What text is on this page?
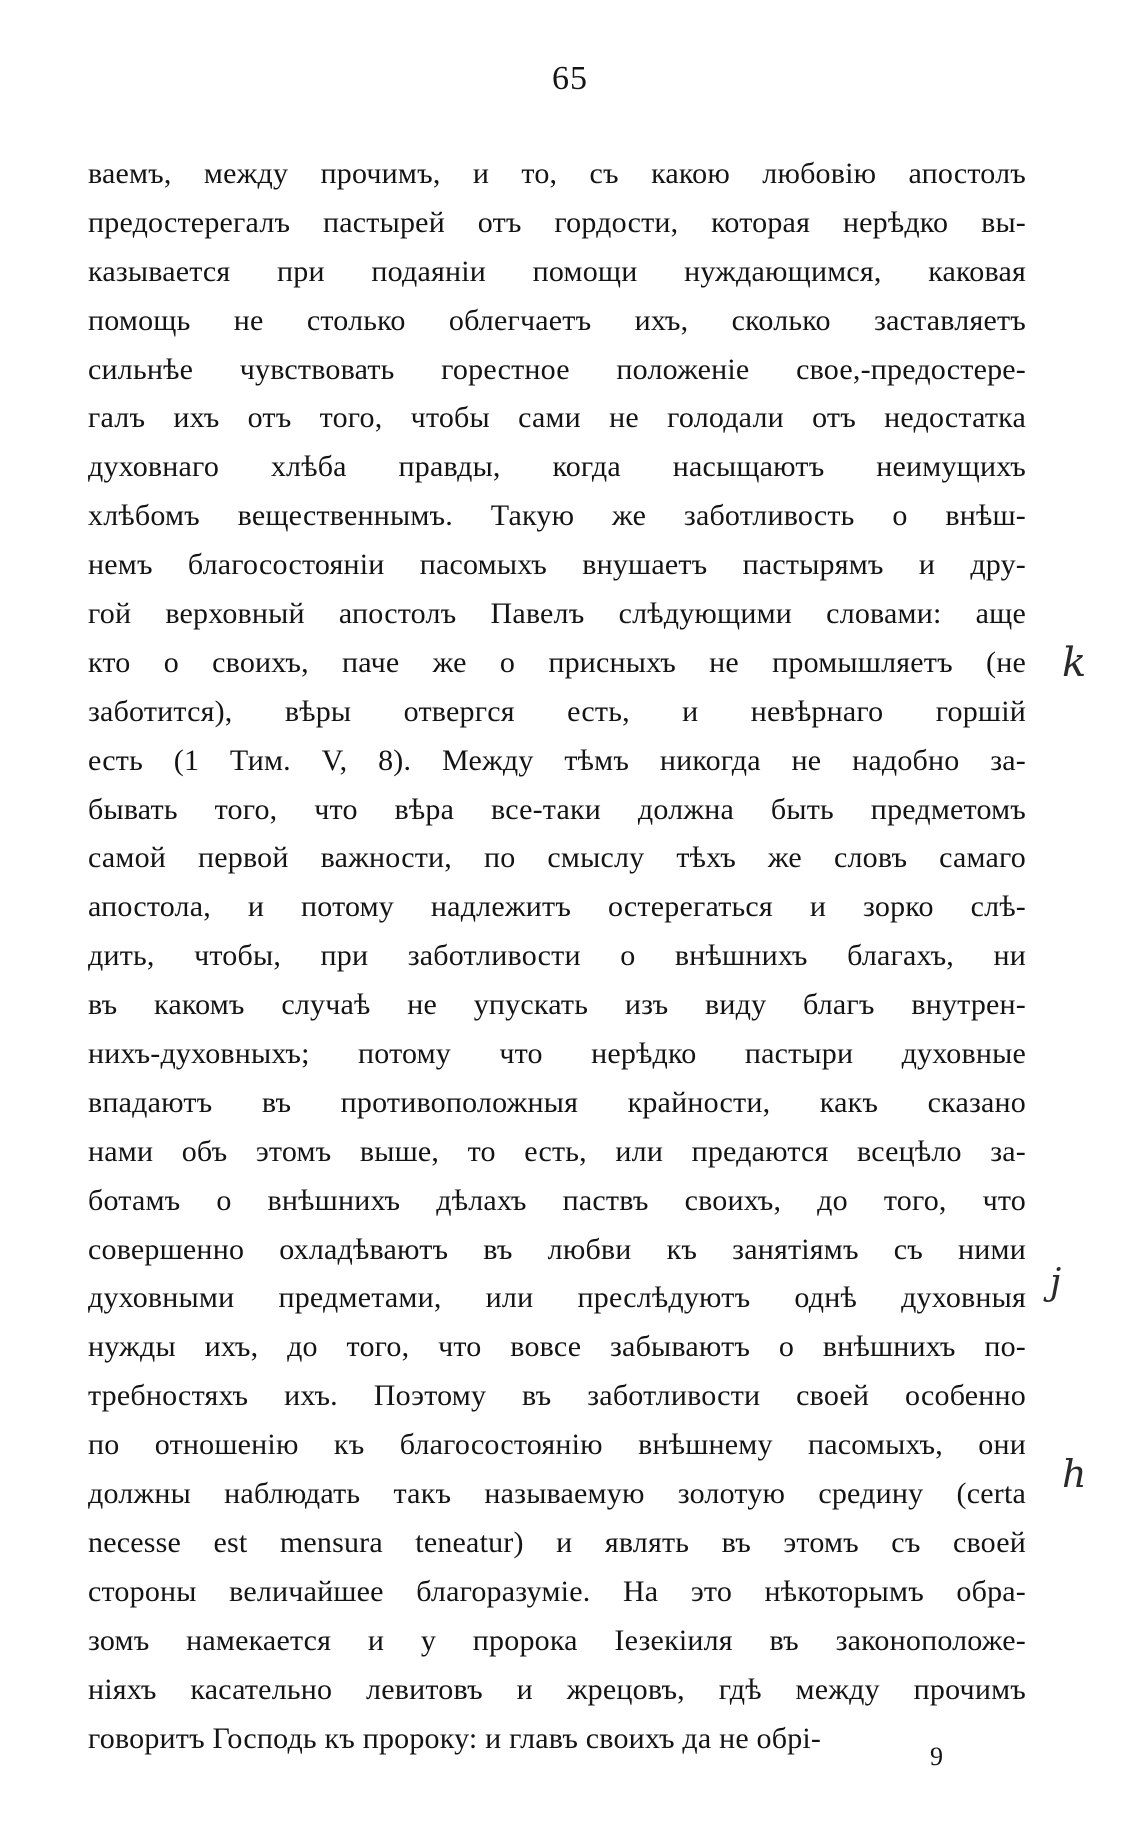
65
ваемъ, между прочимъ, и то, съ какою любовію апостолъ
предостерегалъ пастырей отъ гордости, которая нерѣдко вы-
казывается при подаяніи помощи нуждающимся, каковая
помощь не столько облегчаетъ ихъ, сколько заставляетъ
сильнѣе чувствовать горестное положеніе свое,-предостере-
галъ ихъ отъ того, чтобы сами не голодали отъ недостатка
духовнаго хлѣба правды, когда насыщаютъ неимущихъ
хлѣбомъ вещественнымъ. Такую же заботливость о внѣш-
немъ благосостояніи пасомыхъ внушаетъ пастырямъ и дру-
гой верховный апостолъ Павелъ слѣдующими словами: аще
кто о своихъ, паче же о присныхъ не промышляетъ (не
заботится), вѣры отвергся есть, и невѣрнаго горшій
есть (1 Тим. V, 8). Между тѣмъ никогда не надобно за-
бывать того, что вѣра все-таки должна быть предметомъ
самой первой важности, по смыслу тѣхъ же словъ самаго
апостола, и потому надлежитъ остерегаться и зорко слѣ-
дить, чтобы, при заботливости о внѣшнихъ благахъ, ни
въ какомъ случаѣ не упускать изъ виду благъ внутрен-
нихъ-духовныхъ; потому что нерѣдко пастыри духовные
впадаютъ въ противоположныя крайности, какъ сказано
нами объ этомъ выше, то есть, или предаются всецѣло за-
ботамъ о внѣшнихъ дѣлахъ паствъ своихъ, до того, что
совершенно охладѣваютъ въ любви къ занятіямъ съ ними
духовными предметами, или преслѣдуютъ однѣ духовныя
нужды ихъ, до того, что вовсе забываютъ о внѣшнихъ по-
требностяхъ ихъ. Поэтому въ заботливости своей особенно
по отношенію къ благосостоянію внѣшнему пасомыхъ, они
должны наблюдать такъ называемую золотую средину (certa
necesse est mensura teneatur) и являть въ этомъ съ своей
стороны величайшее благоразуміе. На это нѣкоторымъ обра-
зомъ намекается и у пророка Іезекіиля въ законоположе-
ніяхъ касательно левитовъ и жрецовъ, гдѣ между прочимъ
говоритъ Господь къ пророку: и главъ своихъ да не обрі-
k
j
h
9
